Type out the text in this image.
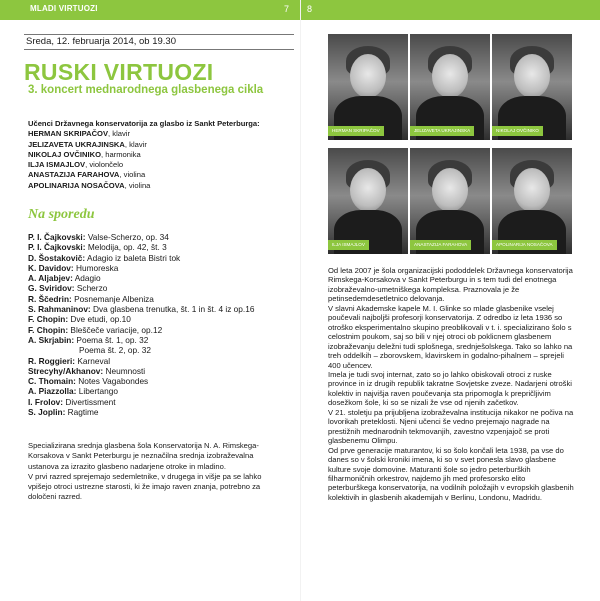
MLADI VIRTUOZI	7 8
Sreda, 12. februarja 2014, ob 19.30
RUSKI VIRTUOZI
3. koncert mednarodnega glasbenega cikla
Učenci Državnega konservatorija za glasbo iz Sankt Peterburga:
HERMAN SKRIPAČOV, klavir
JELIZAVETA UKRAJINSKA, klavir
NIKOLAJ OVČINIKO, harmonika
ILJA ISMAJLOV, violončelo
ANASTAZIJA FARAHOVA, violina
APOLINARIJA NOSAČOVA, violina
Na sporedu
P. I. Čajkovski: Valse-Scherzo, op. 34
P. I. Čajkovski: Melodija, op. 42, št. 3
D. Šostakovič: Adagio iz baleta Bistri tok
K. Davidov: Humoreska
A. Aljabjev: Adagio
G. Sviridov: Scherzo
R. Ščedrin: Posnemanje Albeniza
S. Rahmaninov: Dva glasbena trenutka, št. 1 in št. 4 iz op.16
F. Chopin: Dve etudi, op.10
F. Chopin: Bleščeče variacije, op.12
A. Skrjabin: Poema št. 1, op. 32
Poema št. 2, op. 32
R. Roggieri: Karneval
Strecyhy/Akhanov: Neumnosti
C. Thomain: Notes Vagabondes
A. Piazzolla: Libertango
I. Frolov: Divertissment
S. Joplin: Ragtime

Specializirana srednja glasbena šola Konservatorija N. A. Rimskega-Korsakova v Sankt Peterburgu je neznačilna srednja izobraževalna ustanova za izrazito glasbeno nadarjene otroke in mladino.

V prvi razred sprejemajo sedemletnike, v drugega in višje pa se lahko vpišejo otroci ustrezne starosti, ki že imajo raven znanja, potrebno za določeni razred.

HERMAN SKRIPAČOV	JELIZAVETA UKRAJINSKA	NIKOLAJ OVČINIKO
ILJA ISMAJLOV	ANASTAZIJA FARAHOVA	APOLINARIJA NOSAČOVA

Od leta 2007 je šola organizacijski pododdelek Državnega konservatorija Rimskega-Korsakova v Sankt Peterburgu in s tem tudi del enotnega izobraževalno-umetniškega kompleksa. Praznovala je že petinsedemdesetletnico delovanja.

V slavni Akademske kapele M. I. Glinke so mlade glasbenike vselej poučevali najboljši profesorji konservatorija. Z odredbo iz leta 1936 so otroško eksperimentalno skupino preoblikovali v t. i. specializirano šolo s celostnim poukom, saj so bili v njej otroci ob poklicnem glasbenem izobraževanju deležni tudi splošnega, srednješolskega. Tako so lahko na treh oddelkih – zborovskem, klavirskem in godalno-pihalnem – sprejeli 400 učencev.

Imela je tudi svoj internat, zato so jo lahko obiskovali otroci z ruske province in iz drugih republik takratne Sovjetske zveze. Nadarjeni otroški kolektiv in najvišja raven poučevanja sta pripomogla k prepričljivim dosežkom šole, ki so se nizali že vse od njenih začetkov.

V 21. stoletju pa prijubljena izobraževalna institucija nikakor ne počiva na lovorikah preteklosti. Njeni učenci še vedno prejemajo nagrade na prestižnih mednarodnih tekmovanjih, zavestno vzpenjajoč se proti glasbenemu Olimpu.

Od prve generacije maturantov, ki so šolo končali leta 1938, pa vse do danes so v šolski kroniki imena, ki so v svet ponesla slavo glasbene kulture svoje domovine. Maturanti šole so jedro peterburških filharmoničnih orkestrov, najdemo jih med profesorsko elito peterburškega konservatorija, na vodilnih položajih v evropskih glasbenih kolektivih in glasbenih akademijah v Berlinu, Londonu, Madridu.
